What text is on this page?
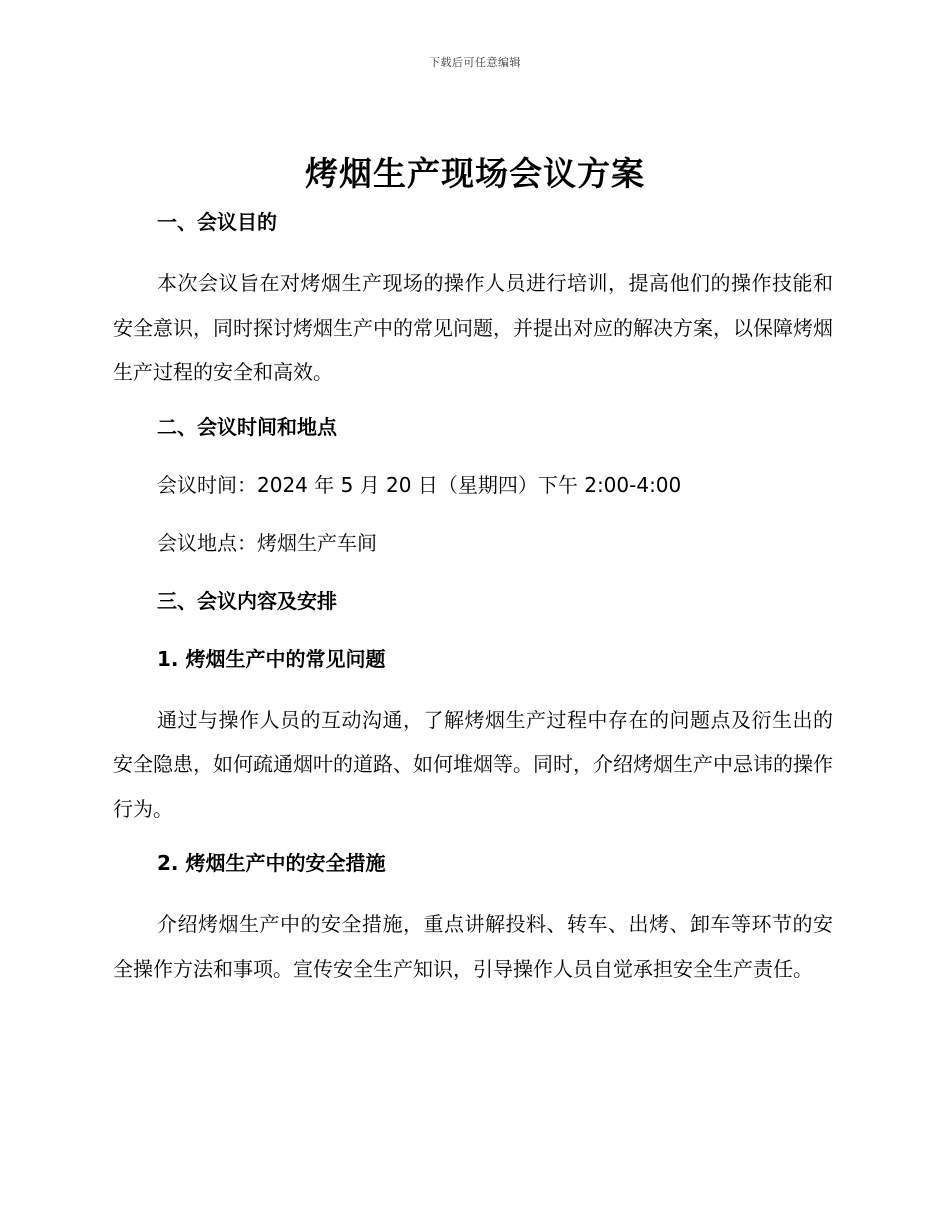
下载后可任意编辑
烤烟生产现场会议方案
一、会议目的
本次会议旨在对烤烟生产现场的操作人员进行培训，提高他们的操作技能和安全意识，同时探讨烤烟生产中的常见问题，并提出对应的解决方案，以保障烤烟生产过程的安全和高效。
二、会议时间和地点
会议时间：2024 年 5 月 20 日（星期四）下午 2:00-4:00
会议地点：烤烟生产车间
三、会议内容及安排
1. 烤烟生产中的常见问题
通过与操作人员的互动沟通，了解烤烟生产过程中存在的问题点及衍生出的安全隐患，如何疏通烟叶的道路、如何堆烟等。同时，介绍烤烟生产中忌讳的操作行为。
2. 烤烟生产中的安全措施
介绍烤烟生产中的安全措施，重点讲解投料、转车、出烤、卸车等环节的安全操作方法和事项。宣传安全生产知识，引导操作人员自觉承担安全生产责任。
